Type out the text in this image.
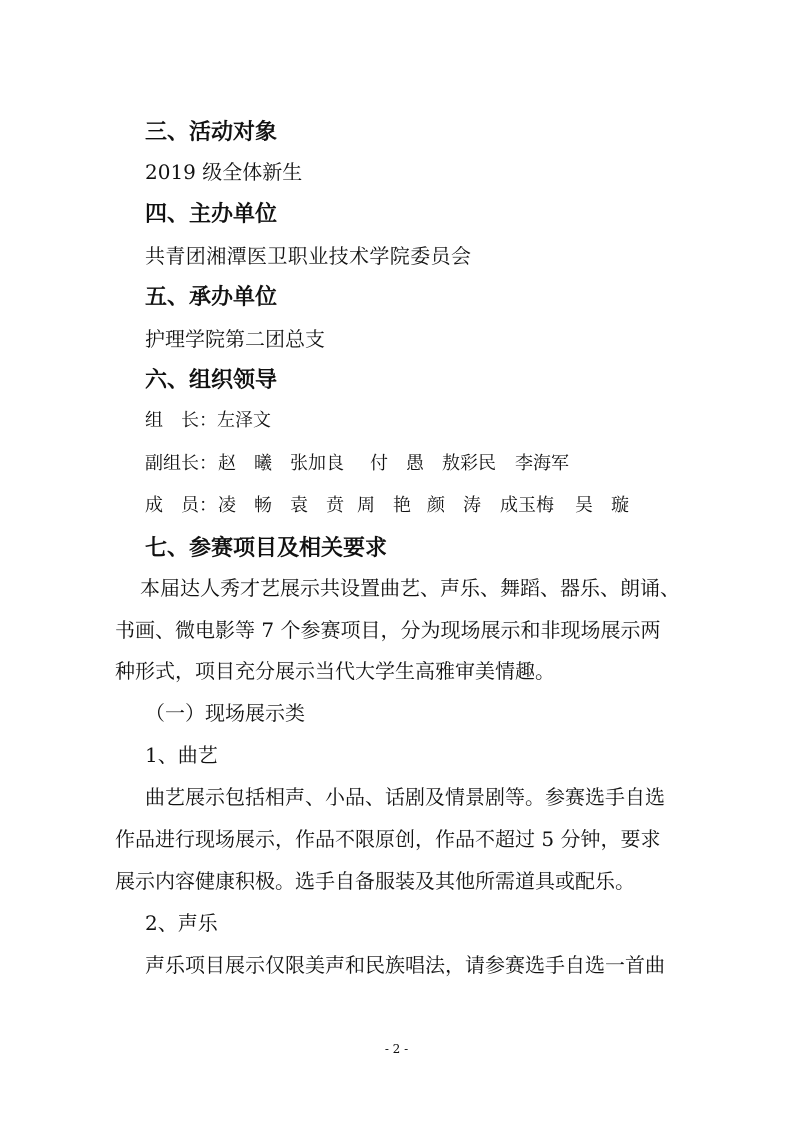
三、活动对象
2019 级全体新生
四、主办单位
共青团湘潭医卫职业技术学院委员会
五、承办单位
护理学院第二团总支
六、组织领导
组　长：左泽文
副组长： 赵　曦 张加良 付　愚 敖彩民 李海军
成　员： 凌　畅 袁　贲 周　艳 颜　涛 成玉梅 吴　璇
七、参赛项目及相关要求
本届达人秀才艺展示共设置曲艺、声乐、舞蹈、器乐、朗诵、
书画、微电影等 7 个参赛项目，分为现场展示和非现场展示两
种形式，项目充分展示当代大学生高雅审美情趣。
（一）现场展示类
1、曲艺
曲艺展示包括相声、小品、话剧及情景剧等。参赛选手自选
作品进行现场展示，作品不限原创，作品不超过 5 分钟，要求
展示内容健康积极。选手自备服装及其他所需道具或配乐。
2、声乐
声乐项目展示仅限美声和民族唱法，请参赛选手自选一首曲
- 2 -
